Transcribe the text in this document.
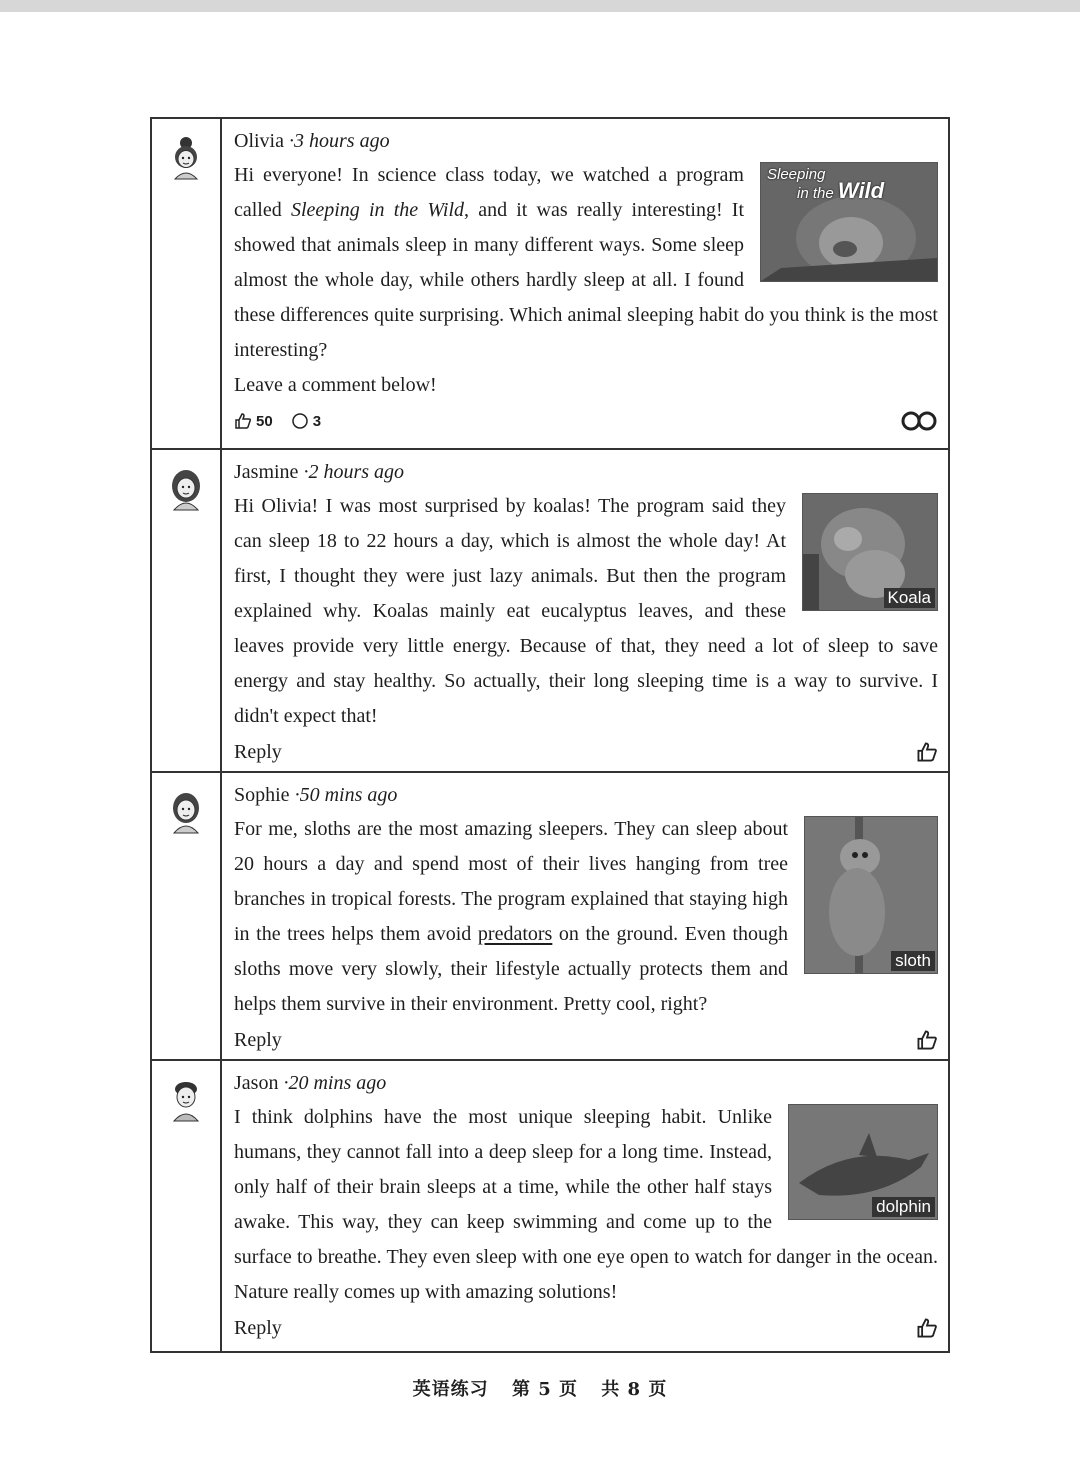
Olivia ·3 hours ago
Sleeping
in the Wild

Hi everyone! In science class today, we watched a program called Sleeping in the Wild, and it was really interesting! It showed that animals sleep in many different ways. Some sleep almost the whole day, while others hardly sleep at all. I found these differences quite surprising. Which animal sleeping habit do you think is the most interesting?

Leave a comment below!

50	3
Jasmine ·2 hours ago
Koala

Hi Olivia! I was most surprised by koalas! The program said they can sleep 18 to 22 hours a day, which is almost the whole day! At first, I thought they were just lazy animals. But then the program explained why. Koalas mainly eat eucalyptus leaves, and these leaves provide very little energy. Because of that, they need a lot of sleep to save energy and stay healthy. So actually, their long sleeping time is a way to survive. I didn't expect that!

Reply
Sophie ·50 mins ago
sloth

For me, sloths are the most amazing sleepers. They can sleep about 20 hours a day and spend most of their lives hanging from tree branches in tropical forests. The program explained that staying high in the trees helps them avoid predators on the ground. Even though sloths move very slowly, their lifestyle actually protects them and helps them survive in their environment. Pretty cool, right?

Reply
Jason ·20 mins ago
dolphin

I think dolphins have the most unique sleeping habit. Unlike humans, they cannot fall into a deep sleep for a long time. Instead, only half of their brain sleeps at a time, while the other half stays awake. This way, they can keep swimming and come up to the surface to breathe. They even sleep with one eye open to watch for danger in the ocean. Nature really comes up with amazing solutions!

Reply
英语练习 第 5 页 共 8 页
